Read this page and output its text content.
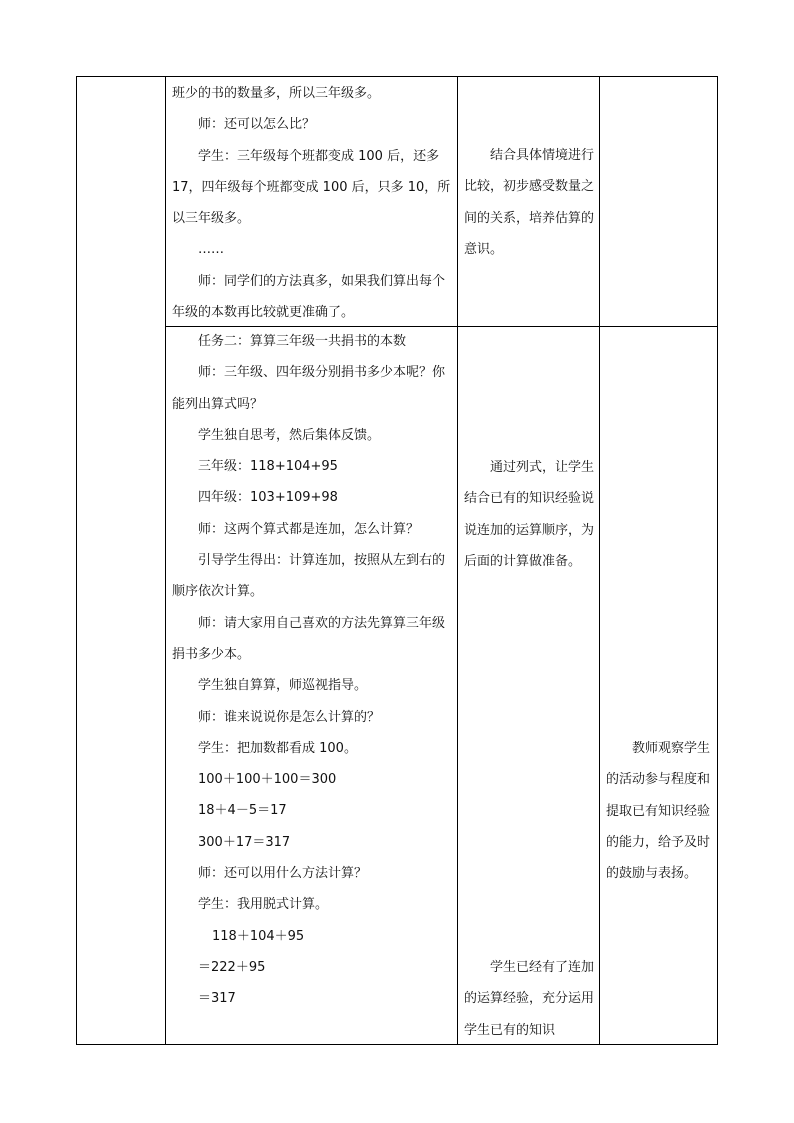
班少的书的数量多，所以三年级多。
师：还可以怎么比？
学生：三年级每个班都变成 100 后，还多 17，四年级每个班都变成 100 后，只多 10，所以三年级多。
……
师：同学们的方法真多，如果我们算出每个年级的本数再比较就更准确了。
结合具体情境进行比较，初步感受数量之间的关系，培养估算的意识。
任务二：算算三年级一共捐书的本数
师：三年级、四年级分别捐书多少本呢？你能列出算式吗？
学生独自思考，然后集体反馈。
三年级：118+104+95
四年级：103+109+98
师：这两个算式都是连加，怎么计算？
引导学生得出：计算连加，按照从左到右的顺序依次计算。
师：请大家用自己喜欢的方法先算算三年级捐书多少本。
学生独自算算，师巡视指导。
师：谁来说说你是怎么计算的？
学生：把加数都看成 100。
100＋100＋100＝300
18＋4－5＝17
300＋17＝317
师：还可以用什么方法计算？
学生：我用脱式计算。
118＋104＋95
＝222＋95
＝317
通过列式，让学生结合已有的知识经验说说连加的运算顺序，为后面的计算做准备。
学生已经有了连加的运算经验，充分运用学生已有的知识
教师观察学生的活动参与程度和提取已有知识经验的能力，给予及时的鼓励与表扬。
